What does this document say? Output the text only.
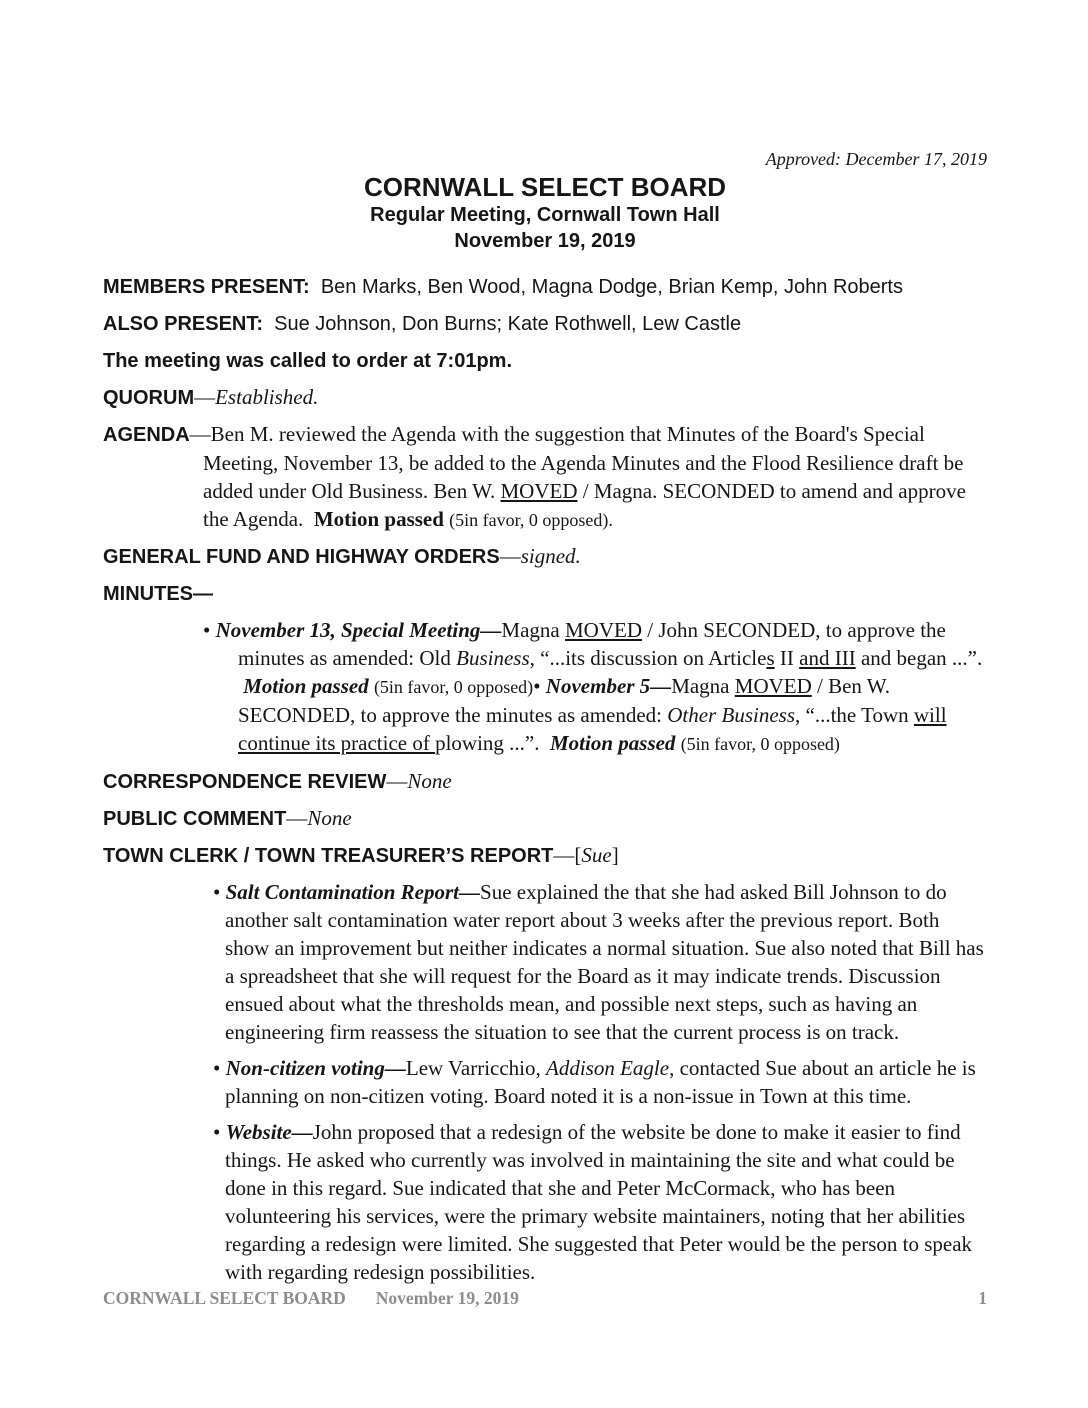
Approved: December 17, 2019

CORNWALL SELECT BOARD

Regular Meeting, Cornwall Town Hall

November 19, 2019

MEMBERS PRESENT:  Ben Marks, Ben Wood, Magna Dodge, Brian Kemp, John Roberts

ALSO PRESENT:  Sue Johnson, Don Burns; Kate Rothwell, Lew Castle

The meeting was called to order at 7:01pm.

QUORUM—Established.

AGENDA—Ben M. reviewed the Agenda with the suggestion that Minutes of the Board's Special Meeting, November 13, be added to the Agenda Minutes and the Flood Resilience draft be added under Old Business. Ben W. MOVED / Magna. SECONDED to amend and approve the Agenda.  Motion passed (5in favor, 0 opposed).

GENERAL FUND AND HIGHWAY ORDERS—signed.

MINUTES—

• November 13, Special Meeting—Magna MOVED / John SECONDED, to approve the minutes as amended: Old Business, “...its discussion on Articles II and III and began ...”.  Motion passed (5in favor, 0 opposed)• November 5—Magna MOVED / Ben W. SECONDED, to approve the minutes as amended: Other Business, “...the Town will continue its practice of plowing ...”.  Motion passed (5in favor, 0 opposed)

CORRESPONDENCE REVIEW—None

PUBLIC COMMENT—None

TOWN CLERK / TOWN TREASURER’S REPORT—[Sue]

• Salt Contamination Report—Sue explained the that she had asked Bill Johnson to do another salt contamination water report about 3 weeks after the previous report. Both show an improvement but neither indicates a normal situation. Sue also noted that Bill has a spreadsheet that she will request for the Board as it may indicate trends. Discussion ensued about what the thresholds mean, and possible next steps, such as having an engineering firm reassess the situation to see that the current process is on track.

• Non-citizen voting—Lew Varricchio, Addison Eagle, contacted Sue about an article he is planning on non-citizen voting. Board noted it is a non-issue in Town at this time.

• Website—John proposed that a redesign of the website be done to make it easier to find things. He asked who currently was involved in maintaining the site and what could be done in this regard. Sue indicated that she and Peter McCormack, who has been volunteering his services, were the primary website maintainers, noting that her abilities regarding a redesign were limited. She suggested that Peter would be the person to speak with regarding redesign possibilities.

CORNWALL SELECT BOARD November 19, 2019	1
